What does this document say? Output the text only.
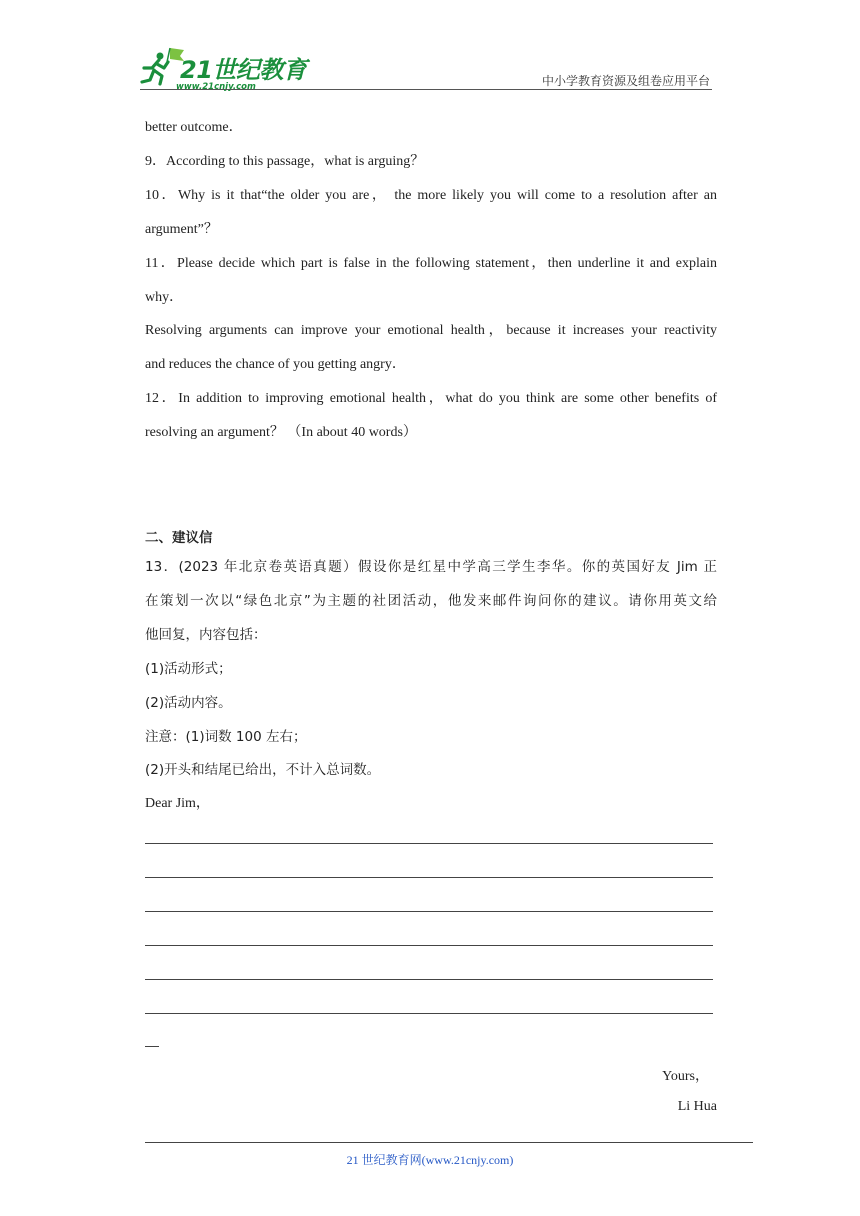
21世纪教育
www.21cnjy.com	中小学教育资源及组卷应用平台
better outcome．
9．According to this passage，what is arguing？
10．Why is it that“the older you are， the more likely you will come to a resolution after an
argument”？
11．Please decide which part is false in the following statement，then underline it and explain
why．
Resolving arguments can improve your emotional health，because it increases your reactivity
and reduces the chance of you getting angry．
12．In addition to improving emotional health，what do you think are some other benefits of
resolving an argument？ （In about 40 words）
二、建议信
13．(2023 年北京卷英语真题）假设你是红星中学高三学生李华。你的英国好友 Jim 正
在策划一次以“绿色北京”为主题的社团活动，他发来邮件询问你的建议。请你用英文给
他回复，内容包括：
(1)活动形式；
(2)活动内容。
注意：(1)词数 100 左右；
(2)开头和结尾已给出，不计入总词数。
Dear Jim，
Yours，
Li Hua
21 世纪教育网(www.21cnjy.com)
